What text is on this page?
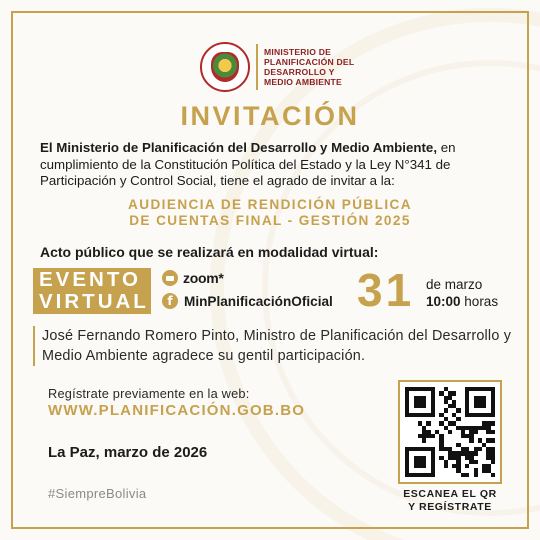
MINISTERIO DE
PLANIFICACIÓN DEL
DESARROLLO Y
MEDIO AMBIENTE
INVITACIÓN
El Ministerio de Planificación del Desarrollo y Medio Ambiente, en cumplimiento de la Constitución Política del Estado y la Ley N°341 de Participación y Control Social, tiene el agrado de invitar a la:
AUDIENCIA DE RENDICIÓN PÚBLICA
DE CUENTAS FINAL - GESTIÓN 2025
Acto público que se realizará en modalidad virtual:
EVENTO
VIRTUAL
zoom*
f MinPlanificaciónOficial 31 de marzo
10:00 horas
José Fernando Romero Pinto, Ministro de Planificación del Desarrollo y Medio Ambiente agradece su gentil participación.
Regístrate previamente en la web:
WWW.PLANIFICACIÓN.GOB.BO
La Paz, marzo de 2026
#SiempreBolivia	ESCANEA EL QR
Y REGÍSTRATE
